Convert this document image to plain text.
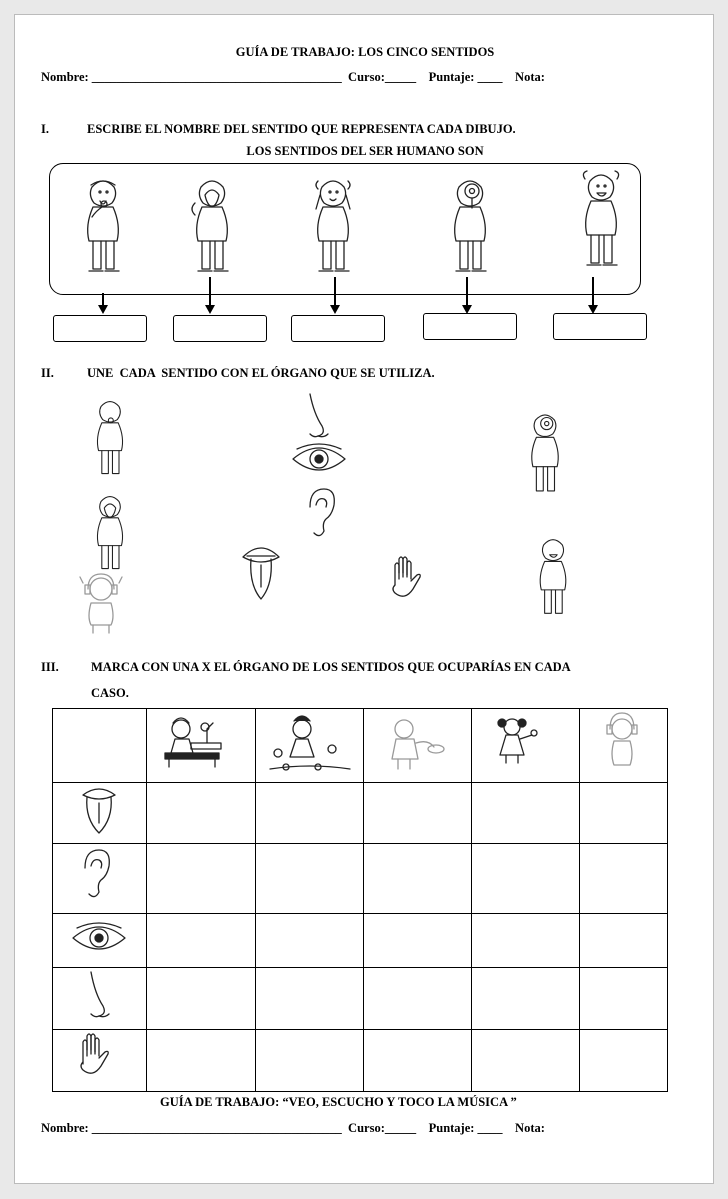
GUÍA DE TRABAJO: LOS CINCO SENTIDOS
Nombre: ________________________________________  Curso:_____    Puntaje: ____    Nota:
I.	ESCRIBE EL NOMBRE DEL SENTIDO QUE REPRESENTA CADA DIBUJO.
LOS SENTIDOS DEL SER HUMANO SON
II.	UNE  CADA  SENTIDO CON EL ÓRGANO QUE SE UTILIZA.
III.	MARCA CON UNA X EL ÓRGANO DE LOS SENTIDOS QUE OCUPARÍAS EN CADA
CASO.

GUÍA DE TRABAJO: “VEO, ESCUCHO Y TOCO LA MÚSICA ”
Nombre: ________________________________________  Curso:_____    Puntaje: ____    Nota:
